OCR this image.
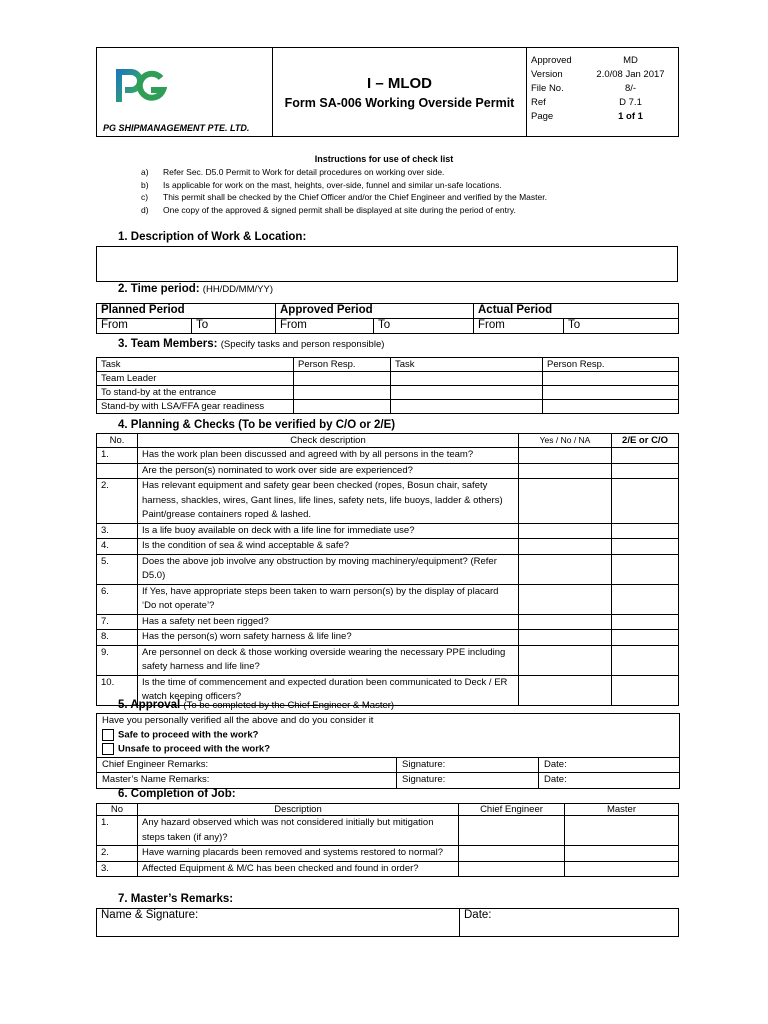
PG SHIPMANAGEMENT PTE. LTD.

I – MLOD
Form SA-006 Working Overside Permit

Approved	MD
Version	2.0/08 Jan 2017
File No.	8/-
Ref	D 7.1
Page	1 of 1
Instructions for use of check list
a)	Refer Sec. D5.0 Permit to Work for detail procedures on working over side.
b)	Is applicable for work on the mast, heights, over-side, funnel and similar un-safe locations.
c)	This permit shall be checked by the Chief Officer and/or the Chief Engineer and verified by the Master.
d)	One copy of the approved & signed permit shall be displayed at site during the period of entry.
1. Description of Work & Location:
2. Time period: (HH/DD/MM/YY)
Planned Period		Approved Period		Actual Period	
From	To	From	To	From	To
3. Team Members: (Specify tasks and person responsible)
Task	Person Resp.	Task	Person Resp.
Team Leader			
To stand-by at the entrance			
Stand-by with LSA/FFA gear readiness			
4. Planning & Checks (To be verified by C/O or 2/E)
No.	Check description	Yes / No / NA	2/E or C/O
1.	Has the work plan been discussed and agreed with by all persons in the team?		
	Are the person(s) nominated to work over side are experienced?		
2.	Has relevant equipment and safety gear been checked (ropes, Bosun chair, safety harness, shackles, wires, Gant lines, life lines, safety nets, life buoys, ladder & others) Paint/grease containers roped & lashed.		
3.	Is a life buoy available on deck with a life line for immediate use?		
4.	Is the condition of sea & wind acceptable & safe?		
5.	Does the above job involve any obstruction by moving machinery/equipment? (Refer D5.0)		
6.	If Yes, have appropriate steps been taken to warn person(s) by the display of placard ‘Do not operate’?		
7.	Has a safety net been rigged?		
8.	Has the person(s) worn safety harness & life line?		
9.	Are personnel on deck & those working overside wearing the necessary PPE including safety harness and life line?		
10.	Is the time of commencement and expected duration been communicated to Deck / ER watch keeping officers?		
5. Approval (To be completed by the Chief Engineer & Master)
Have you personally verified all the above and do you consider it
Safe to proceed with the work?
Unsafe to proceed with the work?
Chief Engineer Remarks:	Signature:	Date:
Master’s Name Remarks:	Signature:	Date:
6. Completion of Job:
No	Description	Chief Engineer	Master
1.	Any hazard observed which was not considered initially but mitigation steps taken (if any)?		
2.	Have warning placards been removed and systems restored to normal?		
3.	Affected Equipment & M/C has been checked and found in order?		
7. Master’s Remarks:
Name & Signature:	Date:
